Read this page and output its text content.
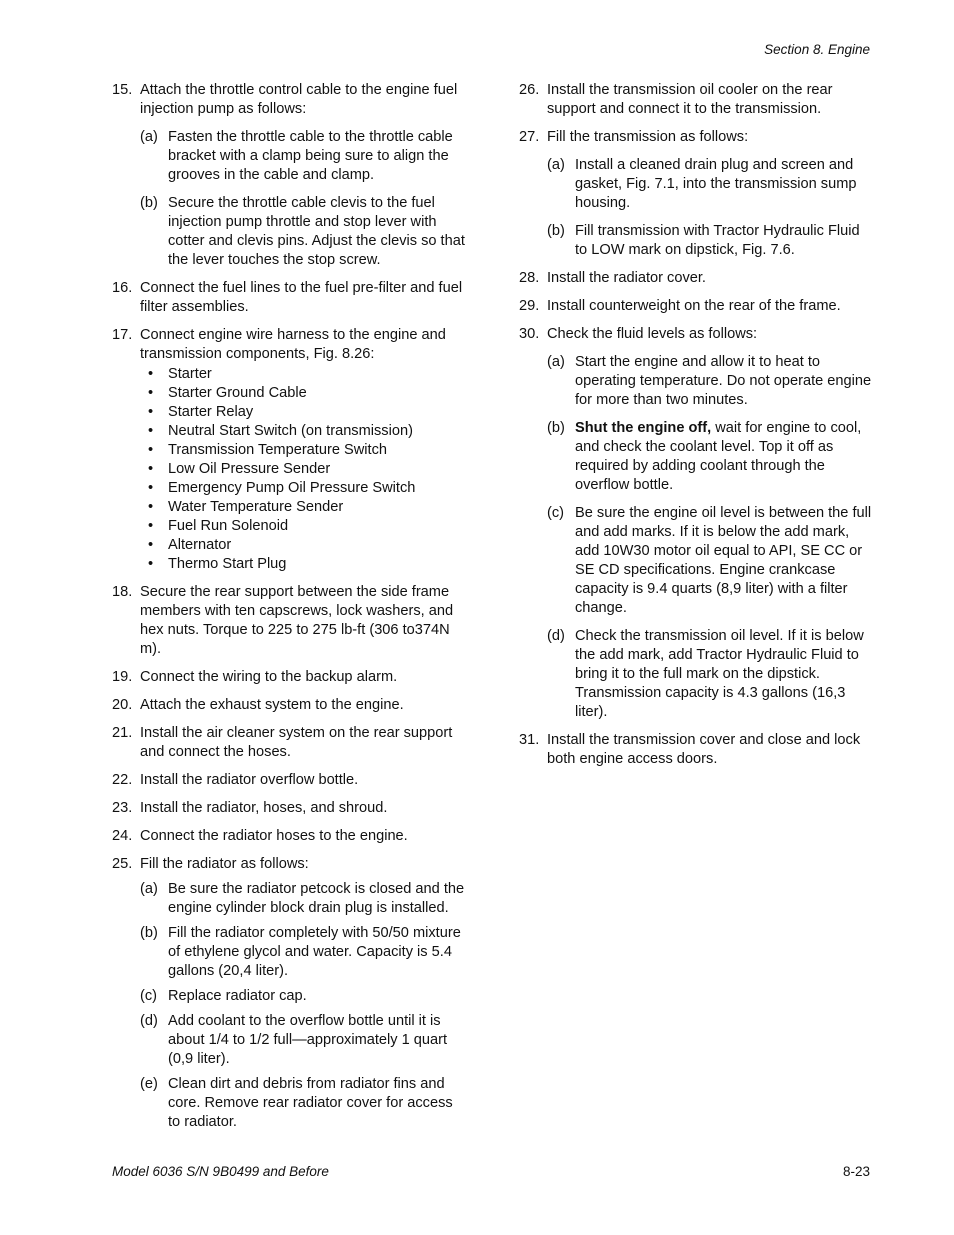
Section 8. Engine
15. Attach the throttle control cable to the engine fuel injection pump as follows:
(a) Fasten the throttle cable to the throttle cable bracket with a clamp being sure to align the grooves in the cable and clamp.
(b) Secure the throttle cable clevis to the fuel injection pump throttle and stop lever with cotter and clevis pins. Adjust the clevis so that the lever touches the stop screw.
16. Connect the fuel lines to the fuel pre-filter and fuel filter assemblies.
17. Connect engine wire harness to the engine and transmission components, Fig. 8.26:
• Starter
• Starter Ground Cable
• Starter Relay
• Neutral Start Switch (on transmission)
• Transmission Temperature Switch
• Low Oil Pressure Sender
• Emergency Pump Oil Pressure Switch
• Water Temperature Sender
• Fuel Run Solenoid
• Alternator
• Thermo Start Plug
18. Secure the rear support between the side frame members with ten capscrews, lock washers, and hex nuts. Torque to 225 to 275 lb-ft (306 to374N m).
19. Connect the wiring to the backup alarm.
20. Attach the exhaust system to the engine.
21. Install the air cleaner system on the rear support and connect the hoses.
22. Install the radiator overflow bottle.
23. Install the radiator, hoses, and shroud.
24. Connect the radiator hoses to the engine.
25. Fill the radiator as follows:
(a) Be sure the radiator petcock is closed and the engine cylinder block drain plug is installed.
(b) Fill the radiator completely with 50/50 mixture of ethylene glycol and water. Capacity is 5.4 gallons (20,4 liter).
(c) Replace radiator cap.
(d) Add coolant to the overflow bottle until it is about 1/4 to 1/2 full—approximately 1 quart (0,9 liter).
(e) Clean dirt and debris from radiator fins and core. Remove rear radiator cover for access to radiator.
26. Install the transmission oil cooler on the rear support and connect it to the transmission.
27. Fill the transmission as follows:
(a) Install a cleaned drain plug and screen and gasket, Fig. 7.1, into the transmission sump housing.
(b) Fill transmission with Tractor Hydraulic Fluid to LOW mark on dipstick, Fig. 7.6.
28. Install the radiator cover.
29. Install counterweight on the rear of the frame.
30. Check the fluid levels as follows:
(a) Start the engine and allow it to heat to operating temperature. Do not operate engine for more than two minutes.
(b) Shut the engine off, wait for engine to cool, and check the coolant level. Top it off as required by adding coolant through the overflow bottle.
(c) Be sure the engine oil level is between the full and add marks. If it is below the add mark, add 10W30 motor oil equal to API, SE CC or SE CD specifications. Engine crankcase capacity is 9.4 quarts (8,9 liter) with a filter change.
(d) Check the transmission oil level. If it is below the add mark, add Tractor Hydraulic Fluid to bring it to the full mark on the dipstick. Transmission capacity is 4.3 gallons (16,3 liter).
31. Install the transmission cover and close and lock both engine access doors.
Model 6036 S/N 9B0499 and Before	8-23
